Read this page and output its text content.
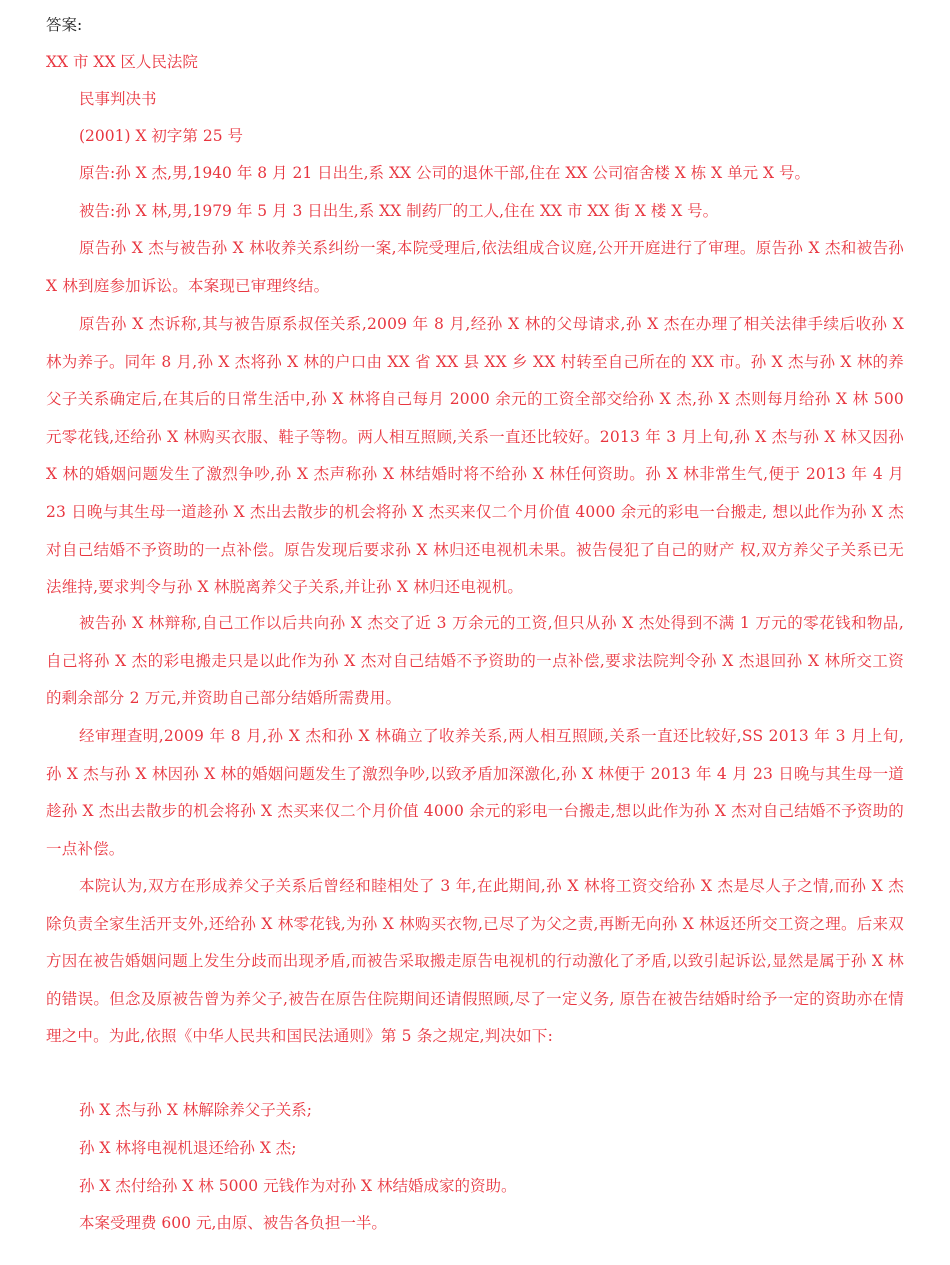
答案:
XX 市 XX 区人民法院
民事判决书
(2001) X 初字第 25 号
原告:孙 X 杰,男,1940 年 8 月 21 日出生,系 XX 公司的退休干部,住在 XX 公司宿舍楼 X 栋 X 单元 X 号。
被告:孙 X 林,男,1979 年 5 月 3 日出生,系 XX 制药厂的工人,住在 XX 市 XX 街 X 楼 X 号。
原告孙 X 杰与被告孙 X 林收养关系纠纷一案,本院受理后,依法组成合议庭,公开开庭进行了审理。原告孙 X 杰和被告孙 X 林到庭参加诉讼。本案现已审理终结。
原告孙 X 杰诉称,其与被告原系叔侄关系,2009 年 8 月,经孙 X 林的父母请求,孙 X 杰在办理了相关法律手续后收孙 X 林为养子。同年 8 月,孙 X 杰将孙 X 林的户口由 XX 省 XX 县 XX 乡 XX 村转至自己所在的 XX 市。孙 X 杰与孙 X 林的养父子关系确定后,在其后的日常生活中,孙 X 林将自己每月 2000 余元的工资全部交给孙 X 杰,孙 X 杰则每月给孙 X 林 500 元零花钱,还给孙 X 林购买衣服、鞋子等物。两人相互照顾,关系一直还比较好。2013 年 3 月上旬,孙 X 杰与孙 X 林又因孙 X 林的婚姻问题发生了激烈争吵,孙 X 杰声称孙 X 林结婚时将不给孙 X 林任何资助。孙 X 林非常生气,便于 2013 年 4 月 23 日晚与其生母一道趁孙 X 杰出去散步的机会将孙 X 杰买来仅二个月价值 4000 余元的彩电一台搬走, 想以此作为孙 X 杰对自己结婚不予资助的一点补偿。原告发现后要求孙 X 林归还电视机未果。被告侵犯了自己的财产 权,双方养父子关系已无法维持,要求判令与孙 X 林脱离养父子关系,并让孙 X 林归还电视机。
被告孙 X 林辩称,自己工作以后共向孙 X 杰交了近 3 万余元的工资,但只从孙 X 杰处得到不满 1 万元的零花钱和物品,自己将孙 X 杰的彩电搬走只是以此作为孙 X 杰对自己结婚不予资助的一点补偿,要求法院判令孙 X 杰退回孙 X 林所交工资的剩余部分 2 万元,并资助自己部分结婚所需费用。
经审理查明,2009 年 8 月,孙 X 杰和孙 X 林确立了收养关系,两人相互照顾,关系一直还比较好,SS 2013 年 3 月上旬,孙 X 杰与孙 X 林因孙 X 林的婚姻问题发生了激烈争吵,以致矛盾加深激化,孙 X 林便于 2013 年 4 月 23 日晚与其生母一道趁孙 X 杰出去散步的机会将孙 X 杰买来仅二个月价值 4000 余元的彩电一台搬走,想以此作为孙 X 杰对自己结婚不予资助的一点补偿。
本院认为,双方在形成养父子关系后曾经和睦相处了 3 年,在此期间,孙 X 林将工资交给孙 X 杰是尽人子之情,而孙 X 杰除负责全家生活开支外,还给孙 X 林零花钱,为孙 X 林购买衣物,已尽了为父之责,再断无向孙 X 林返还所交工资之理。后来双方因在被告婚姻问题上发生分歧而出现矛盾,而被告采取搬走原告电视机的行动激化了矛盾,以致引起诉讼,显然是属于孙 X 林的错误。但念及原被告曾为养父子,被告在原告住院期间还请假照顾,尽了一定义务, 原告在被告结婚时给予一定的资助亦在情理之中。为此,依照《中华人民共和国民法通则》第 5 条之规定,判决如下:
孙 X 杰与孙 X 林解除养父子关系;
孙 X 林将电视机退还给孙 X 杰;
孙 X 杰付给孙 X 林 5000 元钱作为对孙 X 林结婚成家的资助。
本案受理费 600 元,由原、被告各负担一半。
